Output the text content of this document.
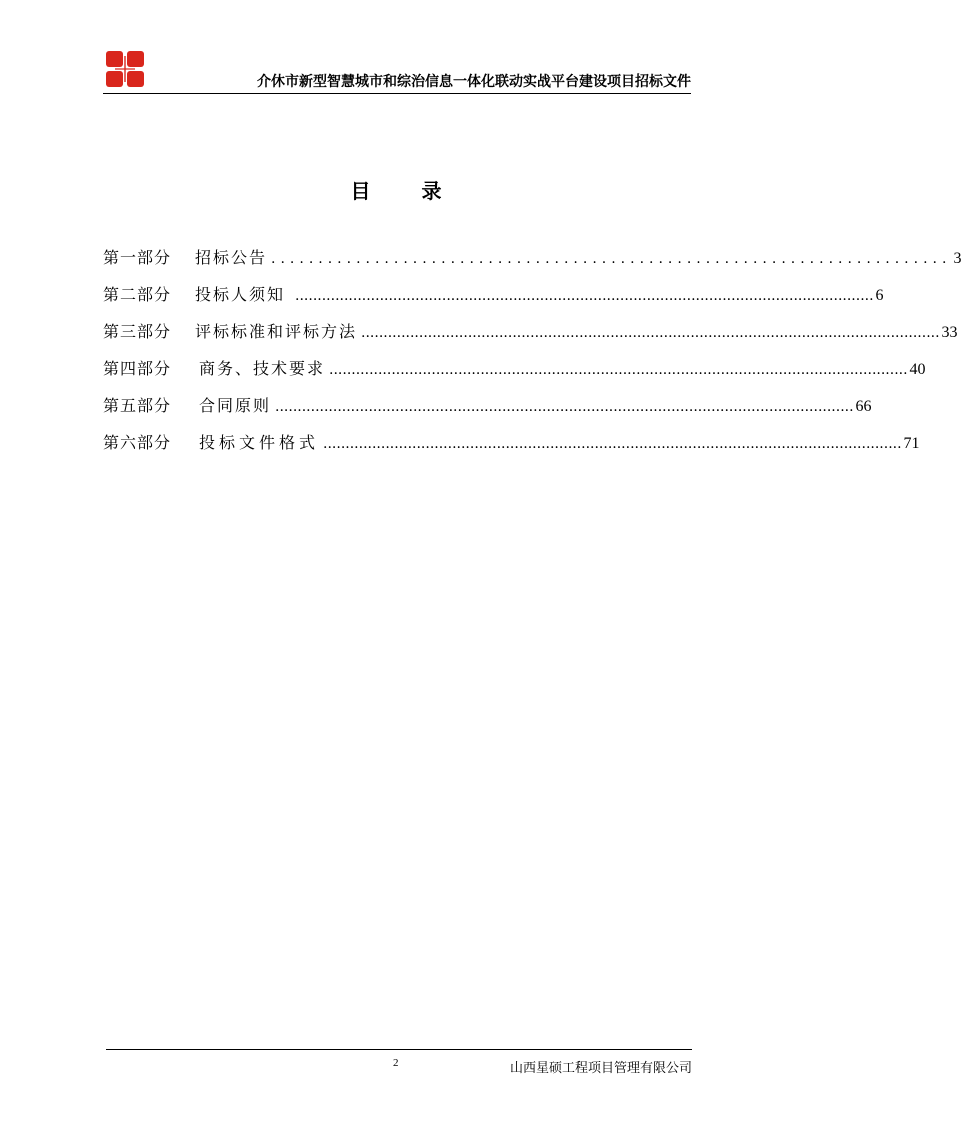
介休市新型智慧城市和综治信息一体化联动实战平台建设项目招标文件
目	录
第一部分	招标公告 ........................................................................ 3
第二部分	投标人须知 .................................................................................................................................. 6
第三部分	评标标准和评标方法 .................................................................................................................................. 33
第四部分	商务、技术要求 .................................................................................................................................. 40
第五部分	合同原则 .................................................................................................................................. 66
第六部分	投标文件格式 .................................................................................................................................. 71
2	山西星硕工程项目管理有限公司
